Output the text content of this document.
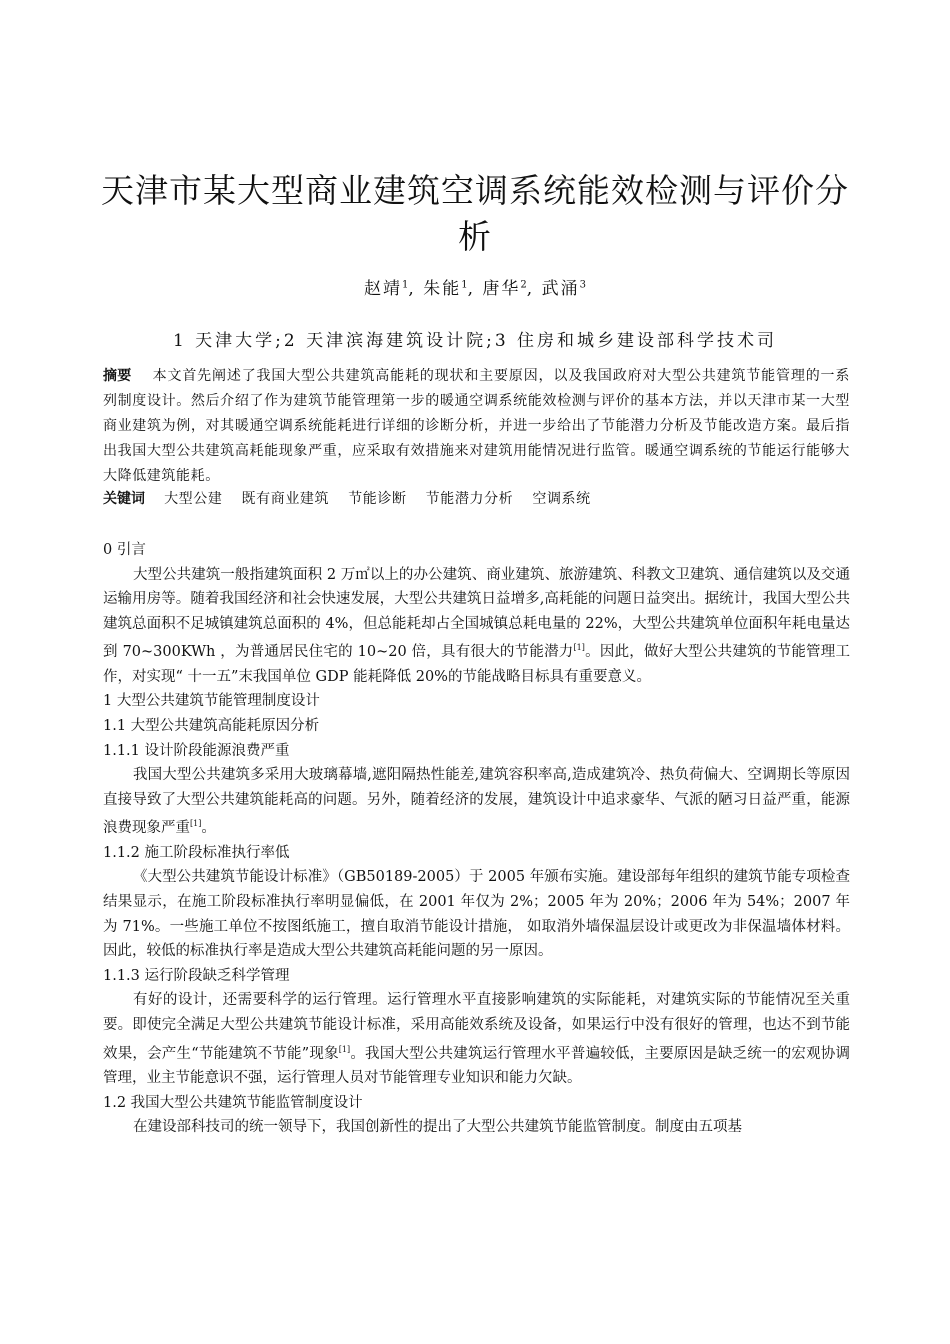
天津市某大型商业建筑空调系统能效检测与评价分析
赵靖$^1$, 朱能$^1$, 唐华$^2$, 武涌$^3$
1 天津大学;2 天津滨海建筑设计院;3 住房和城乡建设部科学技术司
摘要 本文首先阐述了我国大型公共建筑高能耗的现状和主要原因，以及我国政府对大型公共建筑节能管理的一系列制度设计。然后介绍了作为建筑节能管理第一步的暖通空调系统能效检测与评价的基本方法，并以天津市某一大型商业建筑为例，对其暖通空调系统能耗进行详细的诊断分析，并进一步给出了节能潜力分析及节能改造方案。最后指出我国大型公共建筑高耗能现象严重，应采取有效措施来对建筑用能情况进行监管。暖通空调系统的节能运行能够大大降低建筑能耗。
关键词 大型公建 既有商业建筑 节能诊断 节能潜力分析 空调系统
0 引言

大型公共建筑一般指建筑面积 2 万㎡以上的办公建筑、商业建筑、旅游建筑、科教文卫建筑、通信建筑以及交通运输用房等。随着我国经济和社会快速发展，大型公共建筑日益增多,高耗能的问题日益突出。据统计，我国大型公共建筑总面积不足城镇建筑总面积的 4%，但总能耗却占全国城镇总耗电量的 22%，大型公共建筑单位面积年耗电量达到 70~300KWh ，为普通居民住宅的 10~20 倍，具有很大的节能潜力[1]。因此，做好大型公共建筑的节能管理工作，对实现“ 十一五”末我国单位 GDP 能耗降低 20%的节能战略目标具有重要意义。

1 大型公共建筑节能管理制度设计
1.1 大型公共建筑高能耗原因分析
1.1.1 设计阶段能源浪费严重

我国大型公共建筑多采用大玻璃幕墙,遮阳隔热性能差,建筑容积率高,造成建筑冷、热负荷偏大、空调期长等原因直接导致了大型公共建筑能耗高的问题。另外，随着经济的发展，建筑设计中追求豪华、气派的陋习日益严重，能源浪费现象严重[1]。

1.1.2 施工阶段标准执行率低

《大型公共建筑节能设计标准》（GB50189-2005）于 2005 年颁布实施。建设部每年组织的建筑节能专项检查结果显示，在施工阶段标准执行率明显偏低，在 2001 年仅为 2%；2005 年为 20%；2006 年为 54%；2007 年为 71%。一些施工单位不按图纸施工，擅自取消节能设计措施， 如取消外墙保温层设计或更改为非保温墙体材料。因此，较低的标准执行率是造成大型公共建筑高耗能问题的另一原因。

1.1.3 运行阶段缺乏科学管理

有好的设计，还需要科学的运行管理。运行管理水平直接影响建筑的实际能耗，对建筑实际的节能情况至关重要。即使完全满足大型公共建筑节能设计标准，采用高能效系统及设备，如果运行中没有很好的管理，也达不到节能效果，会产生“节能建筑不节能”现象[1]。我国大型公共建筑运行管理水平普遍较低，主要原因是缺乏统一的宏观协调管理，业主节能意识不强，运行管理人员对节能管理专业知识和能力欠缺。

1.2 我国大型公共建筑节能监管制度设计

在建设部科技司的统一领导下，我国创新性的提出了大型公共建筑节能监管制度。制度由五项基
